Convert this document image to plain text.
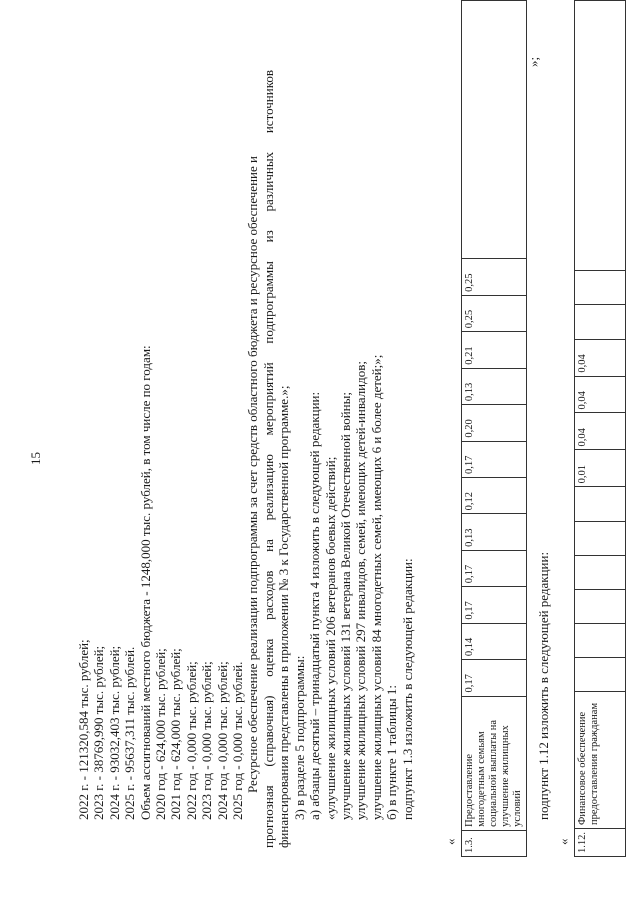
15
2022 г. - 121320,584 тыс. рублей; 2023 г. - 38769,990 тыс. рублей; 2024 г. - 93032,403 тыс. рублей; 2025 г. - 95637,311 тыс. рублей. Объем ассигнований местного бюджета - 1248,000 тыс. рублей, в том числе по годам: 2020 год - 624,000 тыс. рублей; 2021 год - 624,000 тыс. рублей; 2022 год - 0,000 тыс. рублей; 2023 год - 0,000 тыс. рублей; 2024 год - 0,000 тыс. рублей; 2025 год - 0,000 тыс. рублей. Ресурсное обеспечение реализации подпрограммы за счет средств областного бюджета и ресурсное обеспечение и прогнозная (справочная) оценка расходов на реализацию мероприятий подпрограммы из различных источников финансирования представлены в приложении № 3 к Государственной программе.»; 3) в разделе 5 подпрограммы: а) абзацы десятый – тринадцатый пункта 4 изложить в следующей редакции: «улучшение жилищных условий 206 ветеранов боевых действий; улучшение жилищных условий 131 ветерана Великой Отечественной войны; улучшение жилищных условий 297 инвалидов, семей, имеющих детей-инвалидов; улучшение жилищных условий 84 многодетных семей, имеющих 6 и более детей;»; б) в пункте 1 таблицы 1: подпункт 1.3 изложить в следующей редакции:
« 1.3.	Предоставление многодетным семьям социальной выплаты на улучшение жилищных условий	0,17	0,14	0,17	0,17	0,13	0,12	0,17	0,20	0,13	0,21	0,25	0,25	
»;
подпункт 1.12 изложить в следующей редакции:
« 1.12.	Финансовое обеспечение предоставления гражданам							0,01	0,04	0,04	0,04			
